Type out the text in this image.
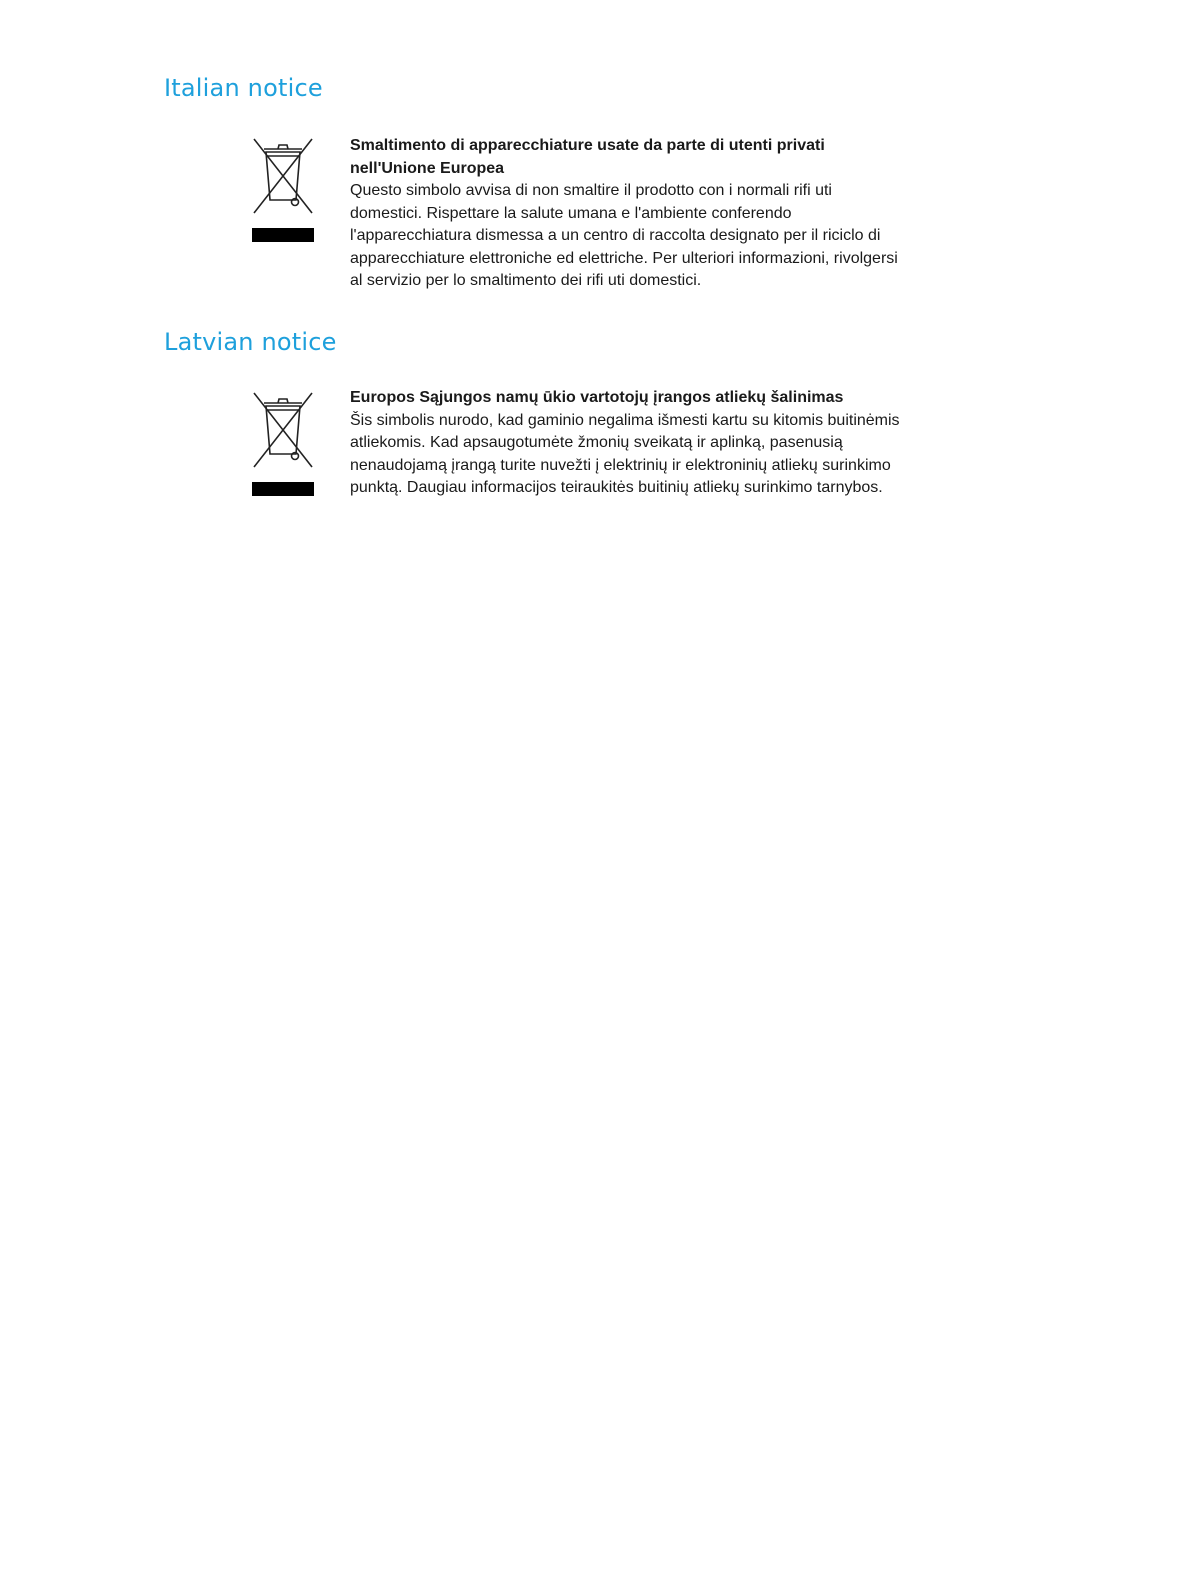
Italian notice
Smaltimento di apparecchiature usate da parte di utenti privati
nell'Unione Europea
Questo simbolo avvisa di non smaltire il prodotto con i normali rifi uti
domestici. Rispettare la salute umana e l'ambiente conferendo
l'apparecchiatura dismessa a un centro di raccolta designato per il riciclo di
apparecchiature elettroniche ed elettriche. Per ulteriori informazioni, rivolgersi
al servizio per lo smaltimento dei rifi uti domestici.
Latvian notice
Europos Sąjungos namų ūkio vartotojų įrangos atliekų šalinimas
Šis simbolis nurodo, kad gaminio negalima išmesti kartu su kitomis buitinėmis
atliekomis. Kad apsaugotumėte žmonių sveikatą ir aplinką, pasenusią
nenaudojamą įrangą turite nuvežti į elektrinių ir elektroninių atliekų surinkimo
punktą. Daugiau informacijos teiraukitės buitinių atliekų surinkimo tarnybos.
